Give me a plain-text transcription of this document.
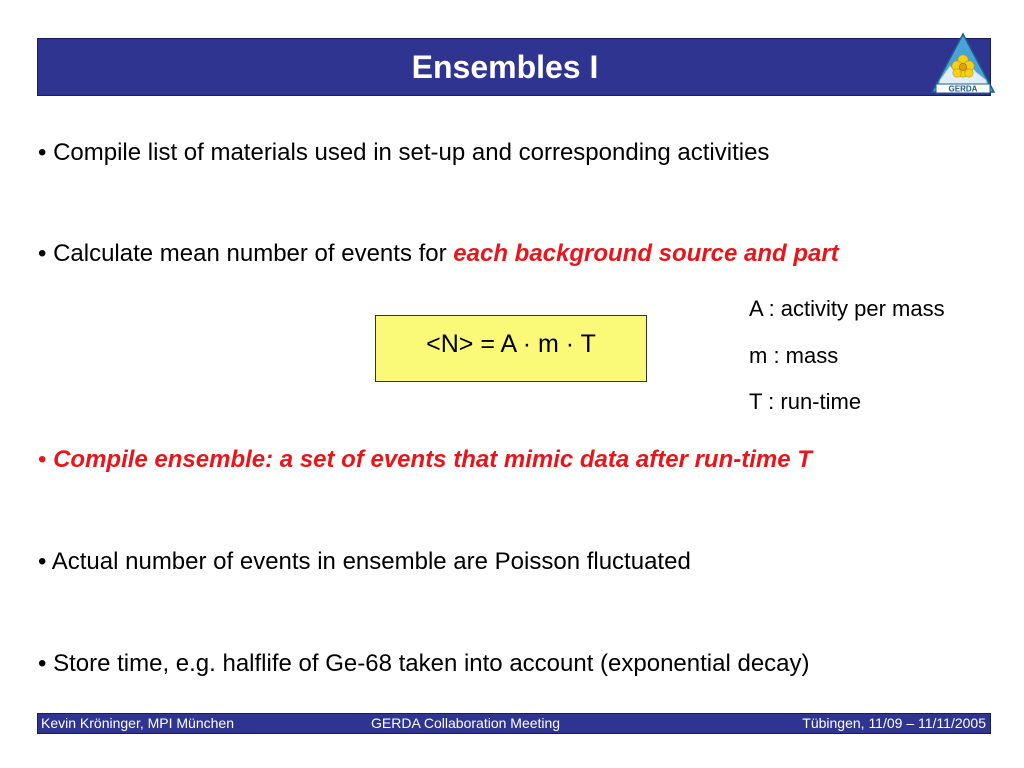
Ensembles I
GERDA
• Compile list of materials used in set-up and corresponding activities
• Calculate mean number of events for each background source and part
<N> = A · m · T
A : activity per mass
m : mass
T : run-time
• Compile ensemble: a set of events that mimic data after run-time T
• Actual number of events in ensemble are Poisson fluctuated
• Store time, e.g. halflife of Ge-68 taken into account (exponential decay)
Kevin Kröninger, MPI München	GERDA Collaboration Meeting	Tübingen, 11/09 – 11/11/2005
